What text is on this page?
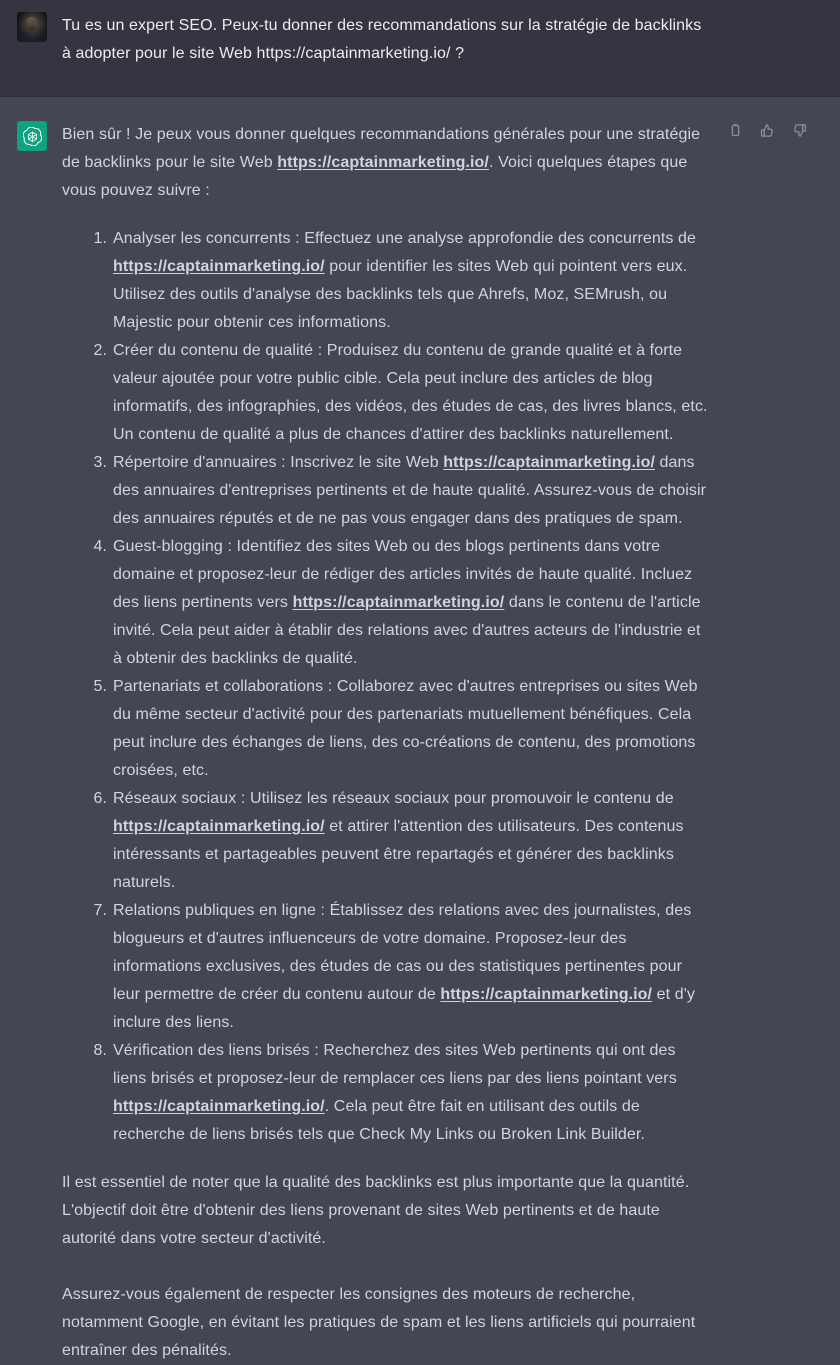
Tu es un expert SEO. Peux-tu donner des recommandations sur la stratégie de backlinks à adopter pour le site Web https://captainmarketing.io/ ?

Bien sûr ! Je peux vous donner quelques recommandations générales pour une stratégie de backlinks pour le site Web https://captainmarketing.io/. Voici quelques étapes que vous pouvez suivre :

Analyser les concurrents : Effectuez une analyse approfondie des concurrents de https://captainmarketing.io/ pour identifier les sites Web qui pointent vers eux. Utilisez des outils d'analyse des backlinks tels que Ahrefs, Moz, SEMrush, ou Majestic pour obtenir ces informations.
Créer du contenu de qualité : Produisez du contenu de grande qualité et à forte valeur ajoutée pour votre public cible. Cela peut inclure des articles de blog informatifs, des infographies, des vidéos, des études de cas, des livres blancs, etc. Un contenu de qualité a plus de chances d'attirer des backlinks naturellement.
Répertoire d'annuaires : Inscrivez le site Web https://captainmarketing.io/ dans des annuaires d'entreprises pertinents et de haute qualité. Assurez-vous de choisir des annuaires réputés et de ne pas vous engager dans des pratiques de spam.
Guest-blogging : Identifiez des sites Web ou des blogs pertinents dans votre domaine et proposez-leur de rédiger des articles invités de haute qualité. Incluez des liens pertinents vers https://captainmarketing.io/ dans le contenu de l'article invité. Cela peut aider à établir des relations avec d'autres acteurs de l'industrie et à obtenir des backlinks de qualité.
Partenariats et collaborations : Collaborez avec d'autres entreprises ou sites Web du même secteur d'activité pour des partenariats mutuellement bénéfiques. Cela peut inclure des échanges de liens, des co-créations de contenu, des promotions croisées, etc.
Réseaux sociaux : Utilisez les réseaux sociaux pour promouvoir le contenu de https://captainmarketing.io/ et attirer l'attention des utilisateurs. Des contenus intéressants et partageables peuvent être repartagés et générer des backlinks naturels.
Relations publiques en ligne : Établissez des relations avec des journalistes, des blogueurs et d'autres influenceurs de votre domaine. Proposez-leur des informations exclusives, des études de cas ou des statistiques pertinentes pour leur permettre de créer du contenu autour de https://captainmarketing.io/ et d'y inclure des liens.
Vérification des liens brisés : Recherchez des sites Web pertinents qui ont des liens brisés et proposez-leur de remplacer ces liens par des liens pointant vers https://captainmarketing.io/. Cela peut être fait en utilisant des outils de recherche de liens brisés tels que Check My Links ou Broken Link Builder.

Il est essentiel de noter que la qualité des backlinks est plus importante que la quantité. L'objectif doit être d'obtenir des liens provenant de sites Web pertinents et de haute autorité dans votre secteur d'activité.

Assurez-vous également de respecter les consignes des moteurs de recherche, notamment Google, en évitant les pratiques de spam et les liens artificiels qui pourraient entraîner des pénalités.
